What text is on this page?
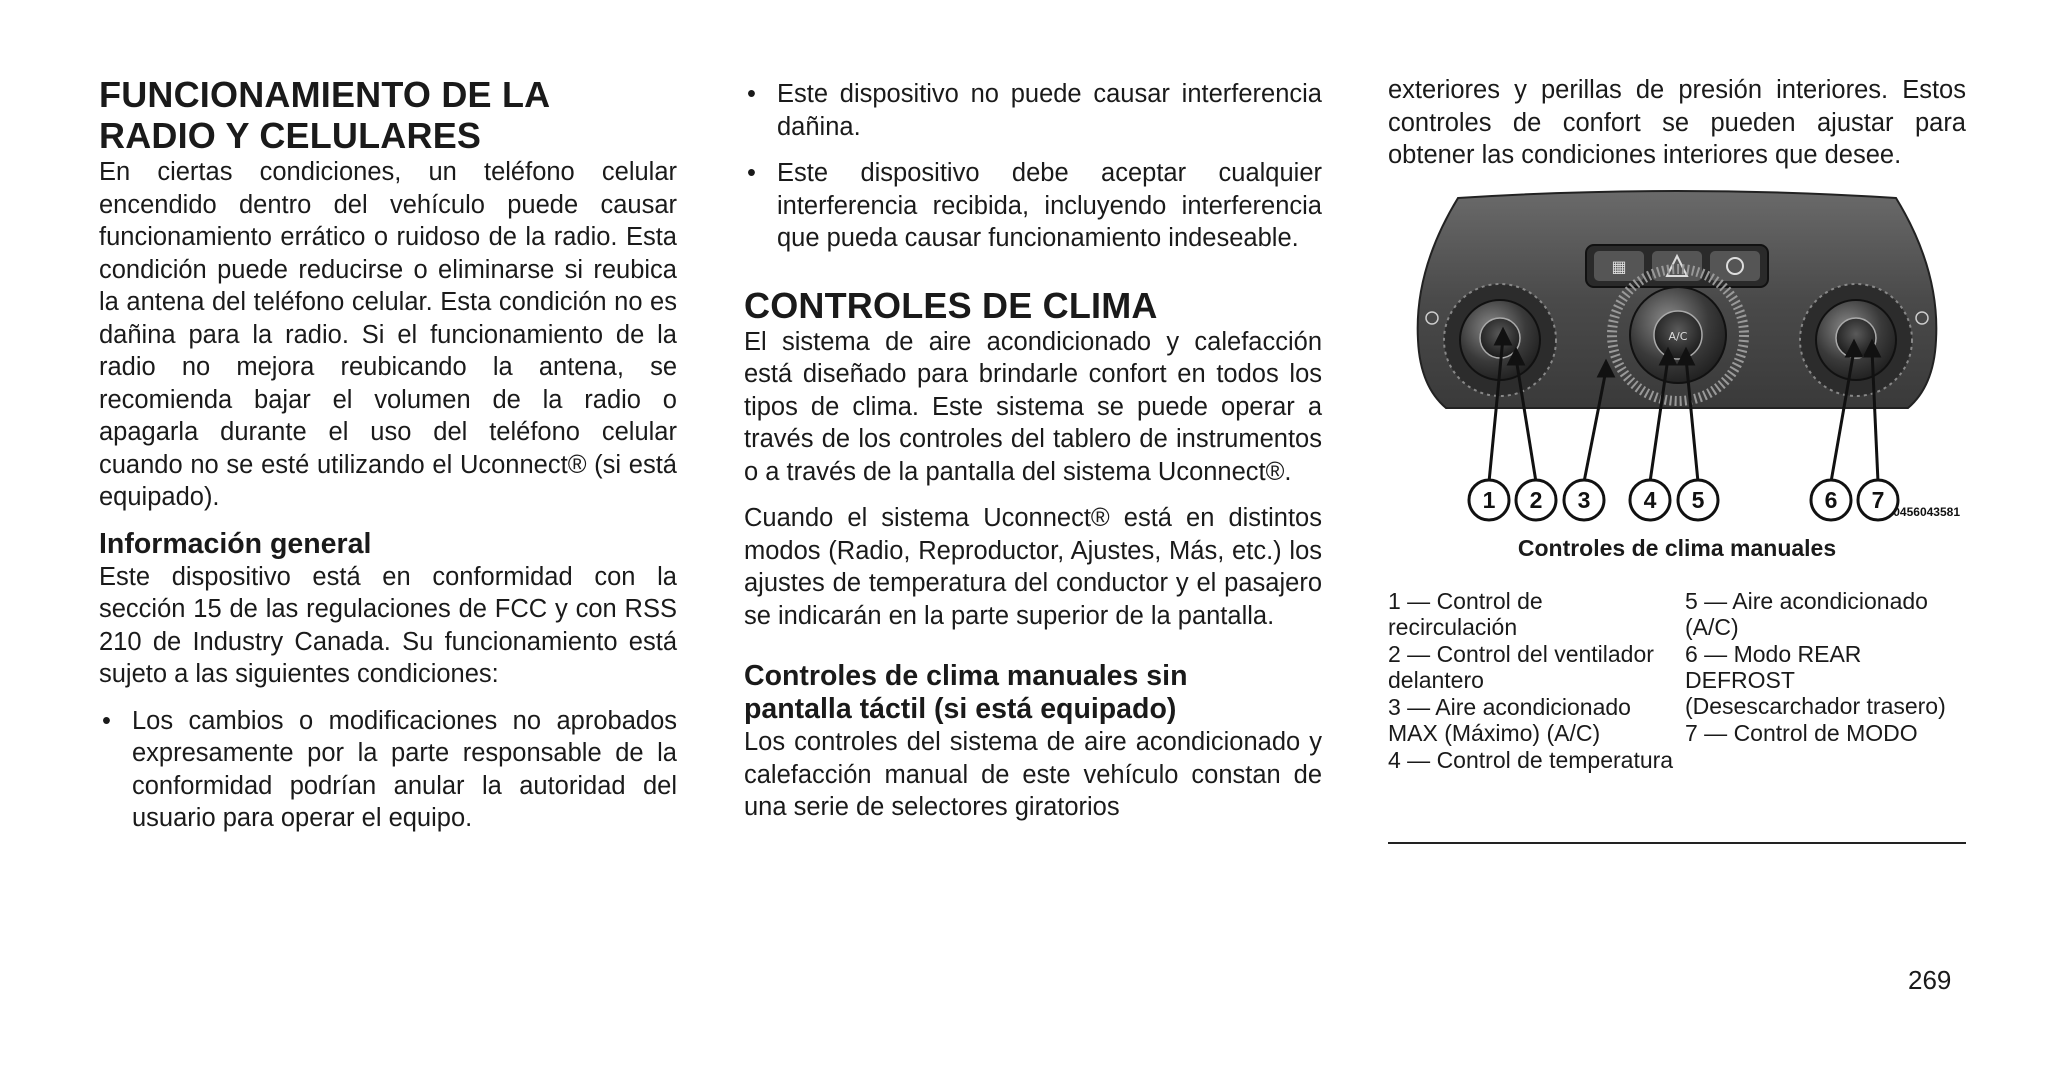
FUNCIONAMIENTO DE LA
RADIO Y CELULARES

En ciertas condiciones, un teléfono celular encendido dentro del vehículo puede causar funcionamiento errático o ruidoso de la radio. Esta condición puede reducirse o eliminarse si reubica la antena del teléfono celular. Esta condición no es dañina para la radio. Si el funcionamiento de la radio no mejora reubicando la antena, se recomienda bajar el volumen de la radio o apagarla durante el uso del teléfono celular cuando no se esté utilizando el Uconnect® (si está equipado).

Información general

Este dispositivo está en conformidad con la sección 15 de las regulaciones de FCC y con RSS 210 de Industry Canada. Su funcionamiento está sujeto a las siguientes condiciones:

• Los cambios o modificaciones no aprobados expresamente por la parte responsable de la conformidad podrían anular la autoridad del usuario para operar el equipo.
• Este dispositivo no puede causar interferencia dañina.
• Este dispositivo debe aceptar cualquier interferencia recibida, incluyendo interferencia que pueda causar funcionamiento indeseable.
CONTROLES DE CLIMA

El sistema de aire acondicionado y calefacción está diseñado para brindarle confort en todos los tipos de clima. Este sistema se puede operar a través de los controles del tablero de instrumentos o a través de la pantalla del sistema Uconnect®.

Cuando el sistema Uconnect® está en distintos modos (Radio, Reproductor, Ajustes, Más, etc.) los ajustes de temperatura del conductor y el pasajero se indicarán en la parte superior de la pantalla.

Controles de clima manuales sin
pantalla táctil (si está equipado)

Los controles del sistema de aire acondicionado y calefacción manual de este vehículo constan de una serie de selectores giratorios

exteriores y perillas de presión interiores. Estos controles de confort se pueden ajustar para obtener las condiciones interiores que desee.

▦
A/C
1 2 3 4 5	6 7 0456043581
Controles de clima manuales
1 — Control de recirculación
2 — Control del ventilador delantero
3 — Aire acondicionado MAX (Máximo) (A/C)
4 — Control de temperatura
5 — Aire acondicionado (A/C)
6 — Modo REAR DEFROST (Desescarchador trasero)
7 — Control de MODO
269
